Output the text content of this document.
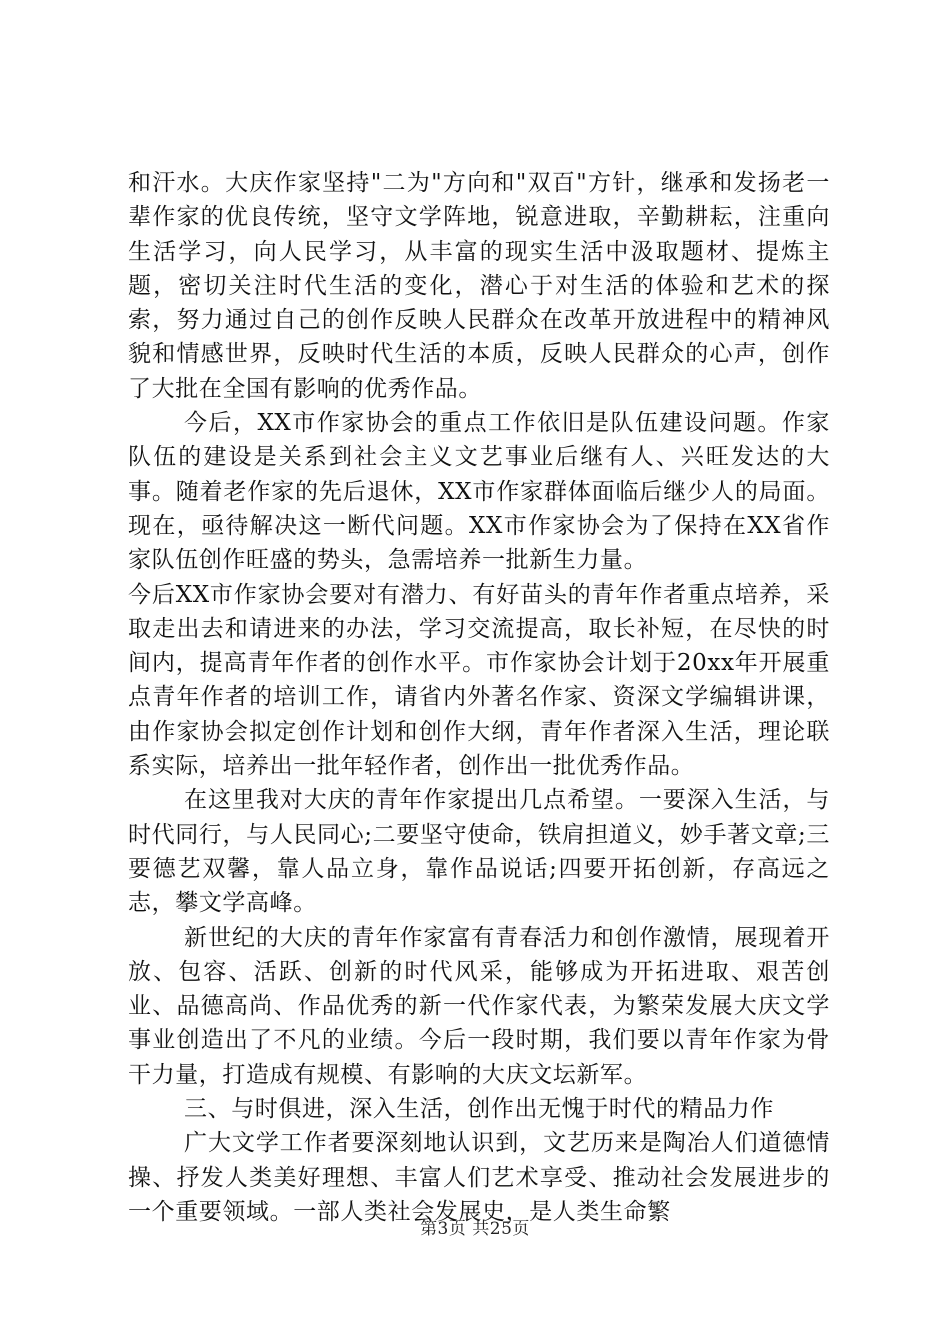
和汗水。大庆作家坚持"二为"方向和"双百"方针，继承和发扬老一辈作家的优良传统，坚守文学阵地，锐意进取，辛勤耕耘，注重向生活学习，向人民学习，从丰富的现实生活中汲取题材、提炼主题，密切关注时代生活的变化，潜心于对生活的体验和艺术的探索，努力通过自己的创作反映人民群众在改革开放进程中的精神风貌和情感世界，反映时代生活的本质，反映人民群众的心声，创作了大批在全国有影响的优秀作品。

今后，XX市作家协会的重点工作依旧是队伍建设问题。作家队伍的建设是关系到社会主义文艺事业后继有人、兴旺发达的大事。随着老作家的先后退休，XX市作家群体面临后继少人的局面。现在，亟待解决这一断代问题。XX市作家协会为了保持在XX省作家队伍创作旺盛的势头，急需培养一批新生力量。

今后XX市作家协会要对有潜力、有好苗头的青年作者重点培养，采取走出去和请进来的办法，学习交流提高，取长补短，在尽快的时间内，提高青年作者的创作水平。市作家协会计划于20xx年开展重点青年作者的培训工作，请省内外著名作家、资深文学编辑讲课，由作家协会拟定创作计划和创作大纲，青年作者深入生活，理论联系实际，培养出一批年轻作者，创作出一批优秀作品。

在这里我对大庆的青年作家提出几点希望。一要深入生活，与时代同行，与人民同心;二要坚守使命，铁肩担道义，妙手著文章;三要德艺双馨，靠人品立身，靠作品说话;四要开拓创新，存高远之志，攀文学高峰。

新世纪的大庆的青年作家富有青春活力和创作激情，展现着开放、包容、活跃、创新的时代风采，能够成为开拓进取、艰苦创业、品德高尚、作品优秀的新一代作家代表，为繁荣发展大庆文学事业创造出了不凡的业绩。今后一段时期，我们要以青年作家为骨干力量，打造成有规模、有影响的大庆文坛新军。

三、与时俱进，深入生活，创作出无愧于时代的精品力作

广大文学工作者要深刻地认识到，文艺历来是陶冶人们道德情操、抒发人类美好理想、丰富人们艺术享受、推动社会发展进步的一个重要领域。一部人类社会发展史，是人类生命繁

第3页 共25页
